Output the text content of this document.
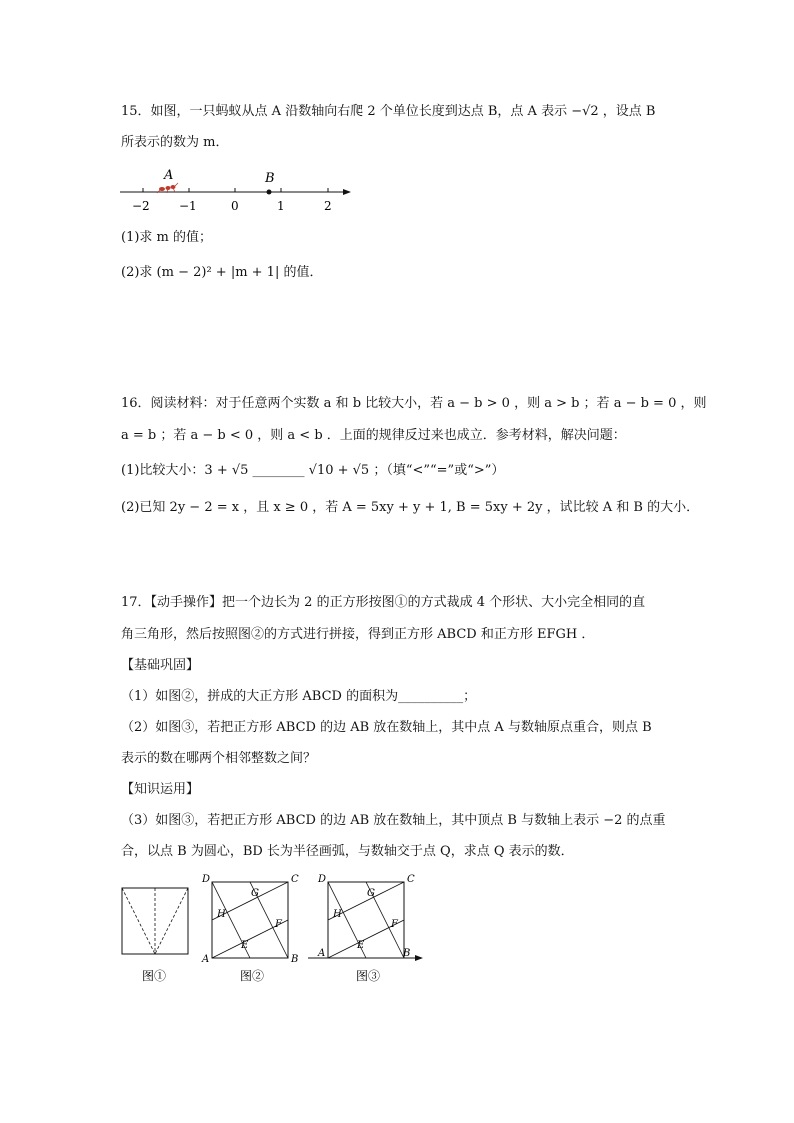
15．如图，一只蚂蚁从点 A 沿数轴向右爬 2 个单位长度到达点 B，点 A 表示 −√2 ，设点 B
所表示的数为 m．
A	B
−2 −1	0	1	2
(1)求 m 的值；
(2)求 (m − 2)² + |m + 1| 的值．
16．阅读材料：对于任意两个实数 a 和 b 比较大小，若 a − b > 0 ，则 a > b ；若 a − b = 0 ，则
a = b ；若 a − b < 0 ，则 a < b ．上面的规律反过来也成立．参考材料，解决问题：
(1)比较大小：3 + √5 ________ √10 + √5 ；（填“<”“=”或“>”）
(2)已知 2y − 2 = x ，且 x ≥ 0 ，若 A = 5xy + y + 1, B = 5xy + 2y ，试比较 A 和 B 的大小．
17．【动手操作】把一个边长为 2 的正方形按图①的方式裁成 4 个形状、大小完全相同的直
角三角形，然后按照图②的方式进行拼接，得到正方形 ABCD 和正方形 EFGH ．
【基础巩固】
（1）如图②，拼成的大正方形 ABCD 的面积为__________；
（2）如图③，若把正方形 ABCD 的边 AB 放在数轴上，其中点 A 与数轴原点重合，则点 B
表示的数在哪两个相邻整数之间？
【知识运用】
（3）如图③，若把正方形 ABCD 的边 AB 放在数轴上，其中顶点 B 与数轴上表示 −2 的点重
合，以点 B 为圆心，BD 长为半径画弧，与数轴交于点 Q，求点 Q 表示的数．
图①
D	C
A	B
G
H
F
E
图②
D	C
A	B
G
H
F
E
图③
